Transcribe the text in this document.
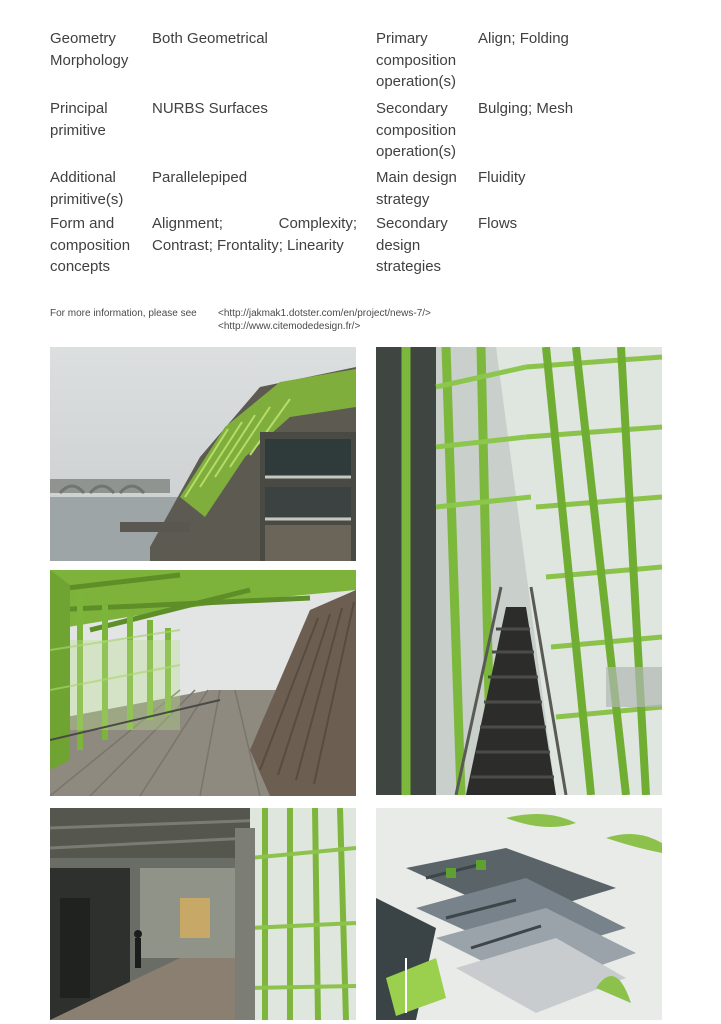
Geometry Morphology
Both Geometrical
Principal primitive
NURBS Surfaces
Additional primitive(s)
Parallelepiped
Form and composition concepts
Alignment; Complexity; Contrast; Frontality; Linearity
Primary composition operation(s)
Align; Folding
Secondary composition operation(s)
Bulging; Mesh
Main design strategy
Fluidity
Secondary design strategies
Flows
For more information, please see <http://jakmak1.dotster.com/en/project/news-7/>
<http://www.citemodedesign.fr/>
